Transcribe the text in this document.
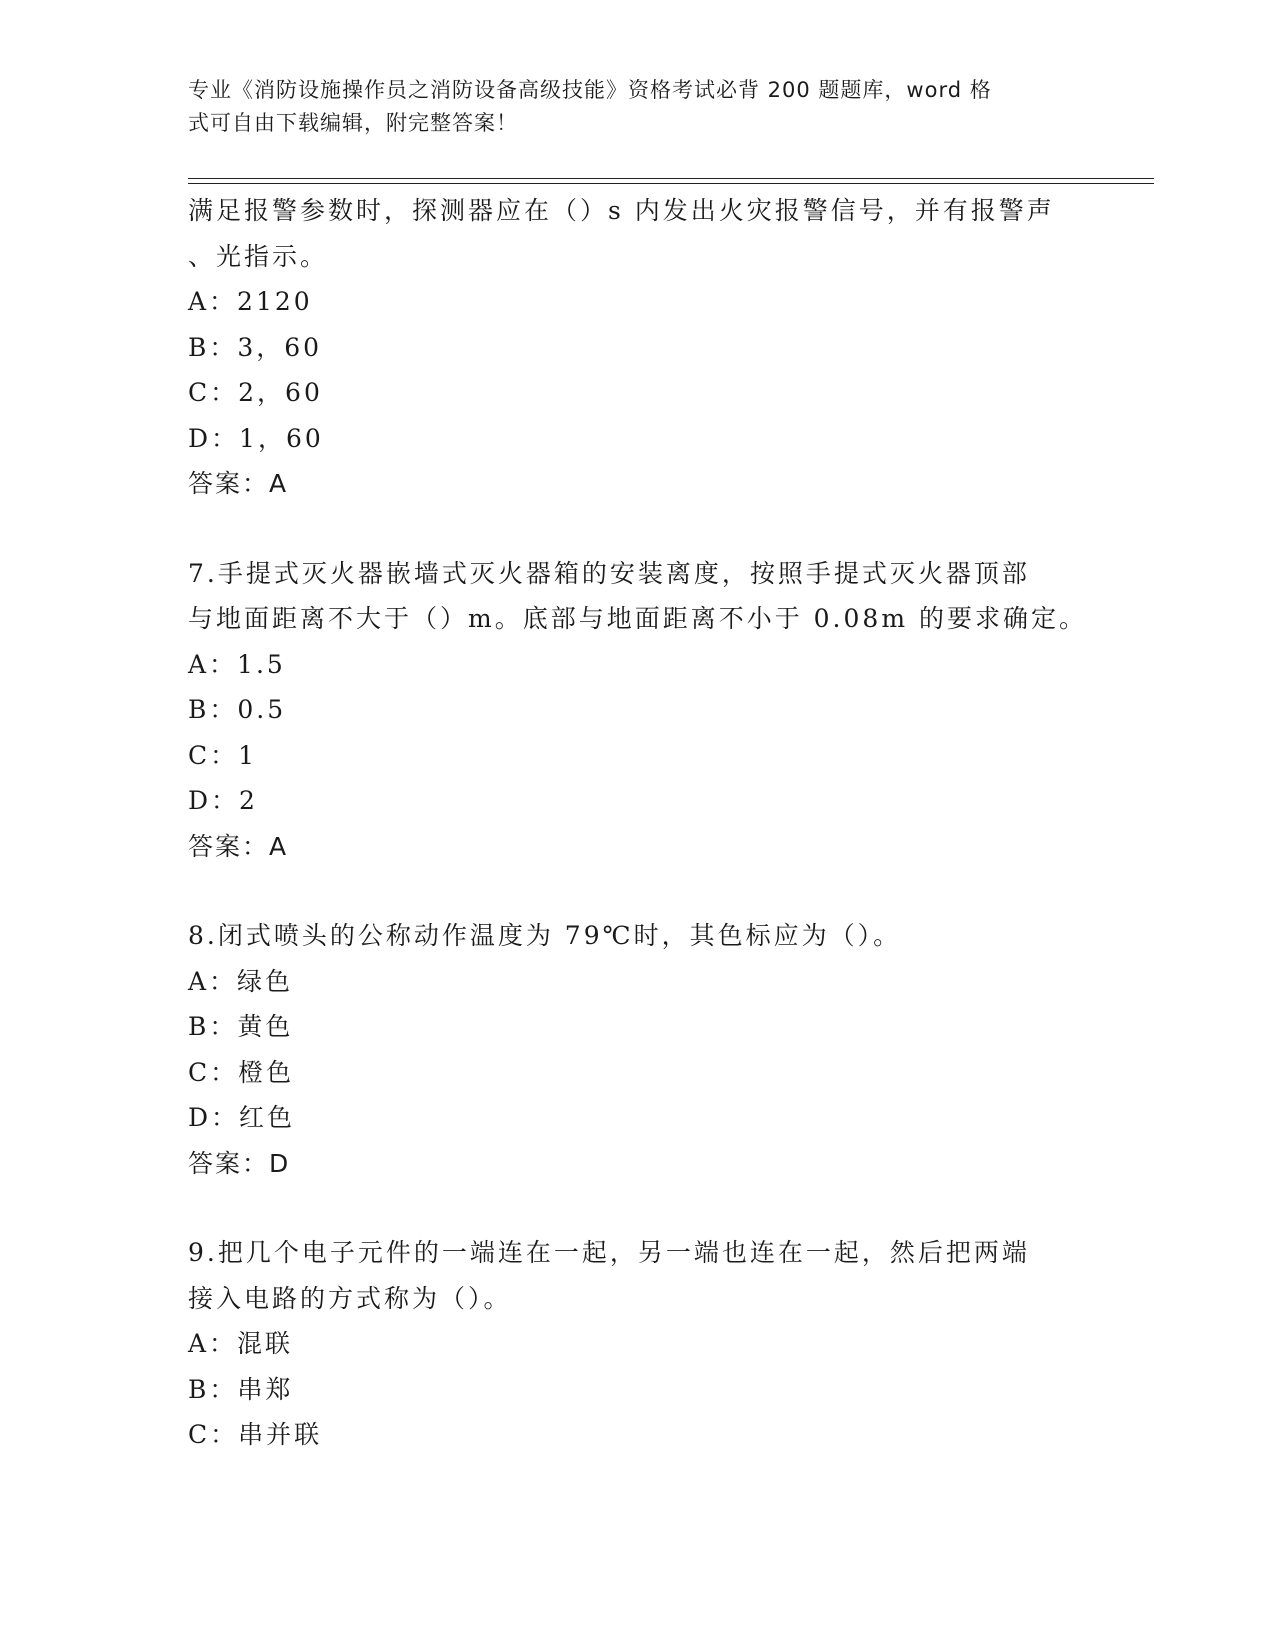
专业《消防设施操作员之消防设备高级技能》资格考试必背 200 题题库，word 格
式可自由下载编辑，附完整答案！
满足报警参数时，探测器应在（）s 内发出火灾报警信号，并有报警声
、光指示。
A：2120
B：3，60
C：2，60
D：1，60
答案：A
7.手提式灭火器嵌墙式灭火器箱的安装离度，按照手提式灭火器顶部
与地面距离不大于（）m。底部与地面距离不小于 0.08m 的要求确定。
A：1.5
B：0.5
C：1
D：2
答案：A
8.闭式喷头的公称动作温度为 79℃时，其色标应为（）。
A：绿色
B：黄色
C：橙色
D：红色
答案：D
9.把几个电子元件的一端连在一起，另一端也连在一起，然后把两端
接入电路的方式称为（）。
A：混联
B：串郑
C：串并联
